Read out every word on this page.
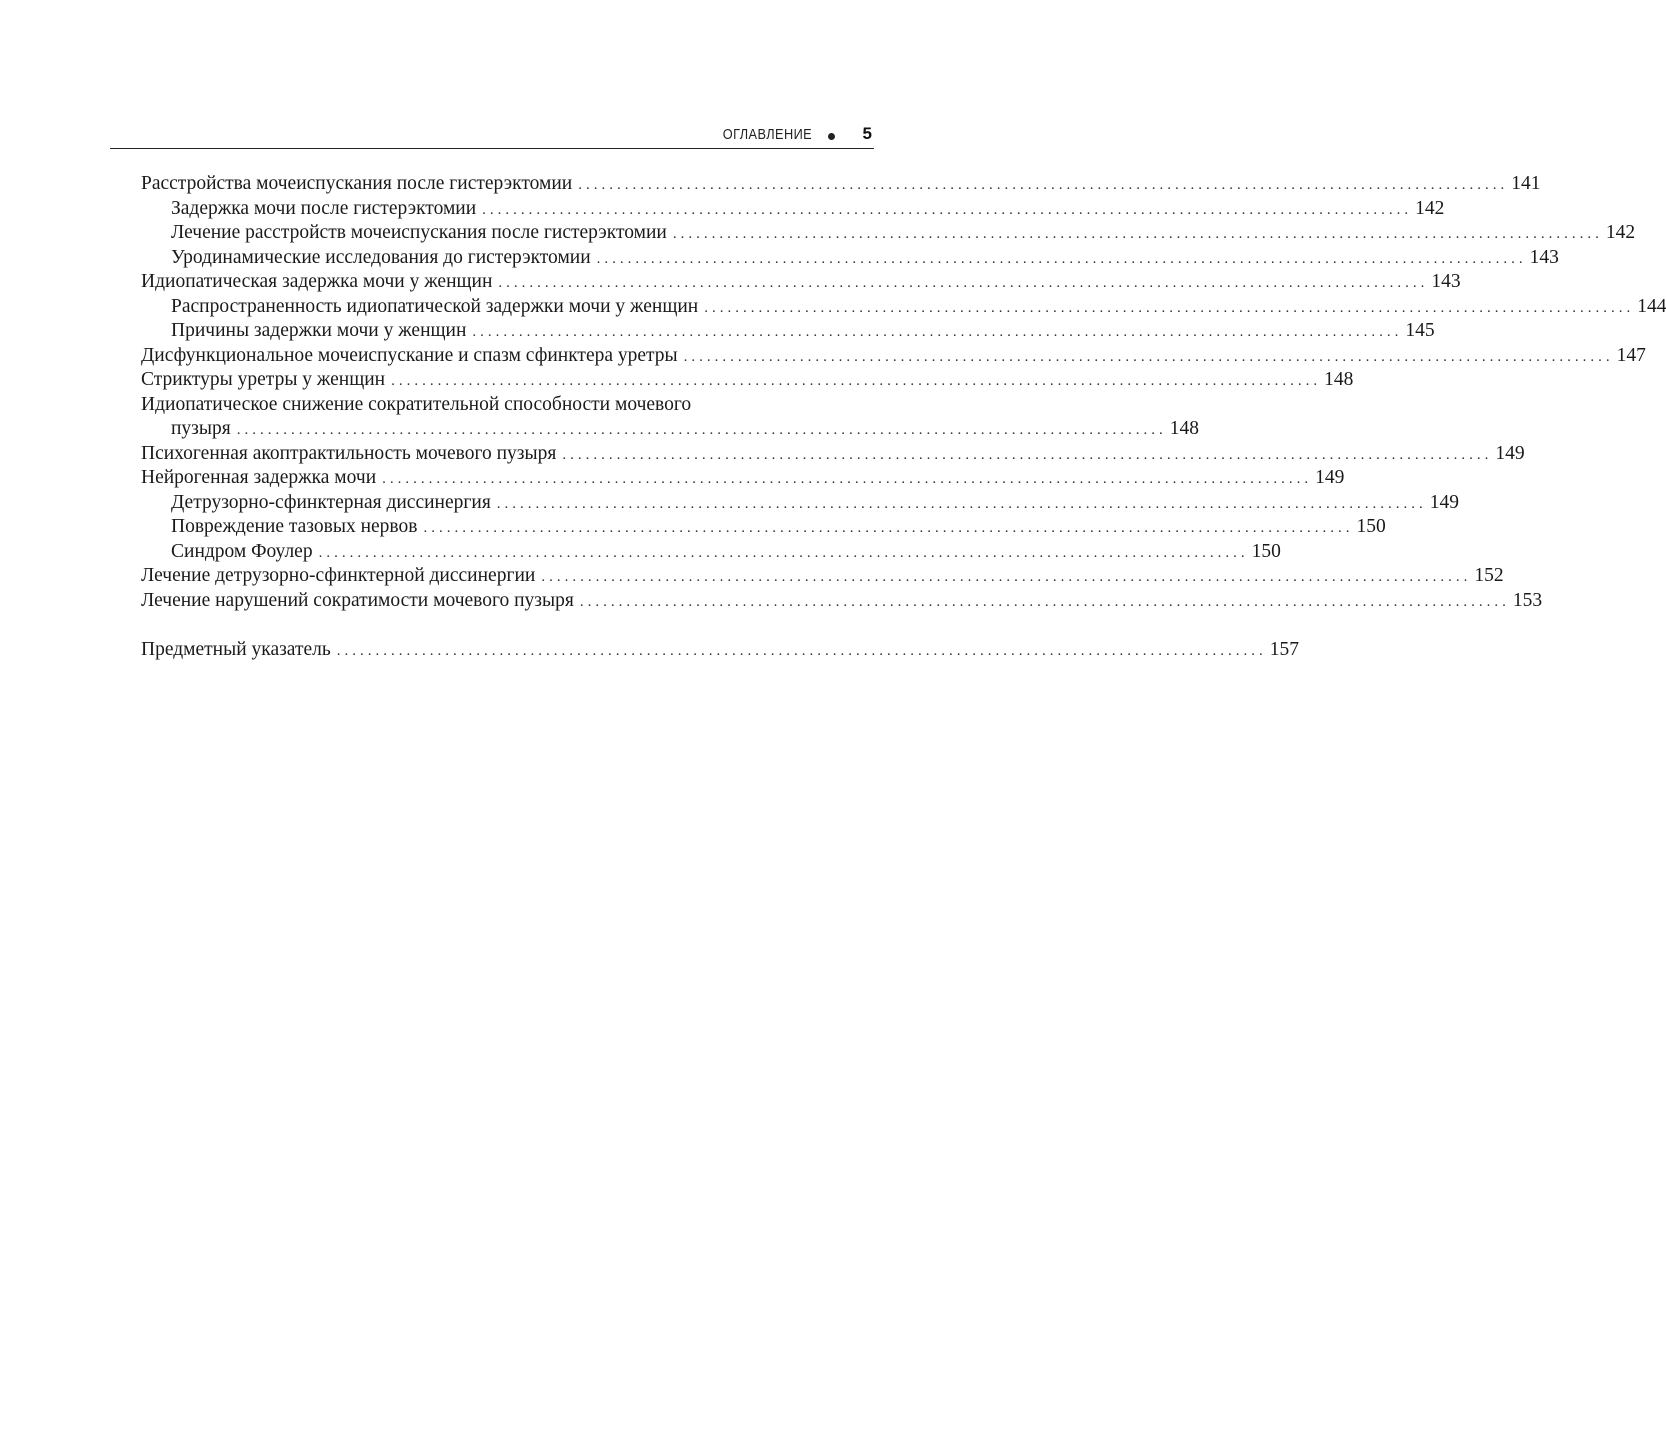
ОГЛАВЛЕНИЕ	5
Расстройства мочеиспускания после гистерэктомии ........................................................................................................................ 141
Задержка мочи после гистерэктомии ........................................................................................................................ 142
Лечение расстройств мочеиспускания после гистерэктомии ........................................................................................................................ 142
Уродинамические исследования до гистерэктомии ........................................................................................................................ 143
Идиопатическая задержка мочи у женщин ........................................................................................................................ 143
Распространенность идиопатической задержки мочи у женщин ........................................................................................................................ 144
Причины задержки мочи у женщин ........................................................................................................................ 145
Дисфункциональное мочеиспускание и спазм сфинктера уретры ........................................................................................................................ 147
Стриктуры уретры у женщин ........................................................................................................................ 148
Идиопатическое снижение сократительной способности мочевого
пузыря ........................................................................................................................ 148
Психогенная акоптрактильность мочевого пузыря ........................................................................................................................ 149
Нейрогенная задержка мочи ........................................................................................................................ 149
Детрузорно-сфинктерная диссинергия ........................................................................................................................ 149
Повреждение тазовых нервов ........................................................................................................................ 150
Синдром Фоулер ........................................................................................................................ 150
Лечение детрузорно-сфинктерной диссинергии ........................................................................................................................ 152
Лечение нарушений сократимости мочевого пузыря ........................................................................................................................ 153
Предметный указатель ........................................................................................................................ 157
